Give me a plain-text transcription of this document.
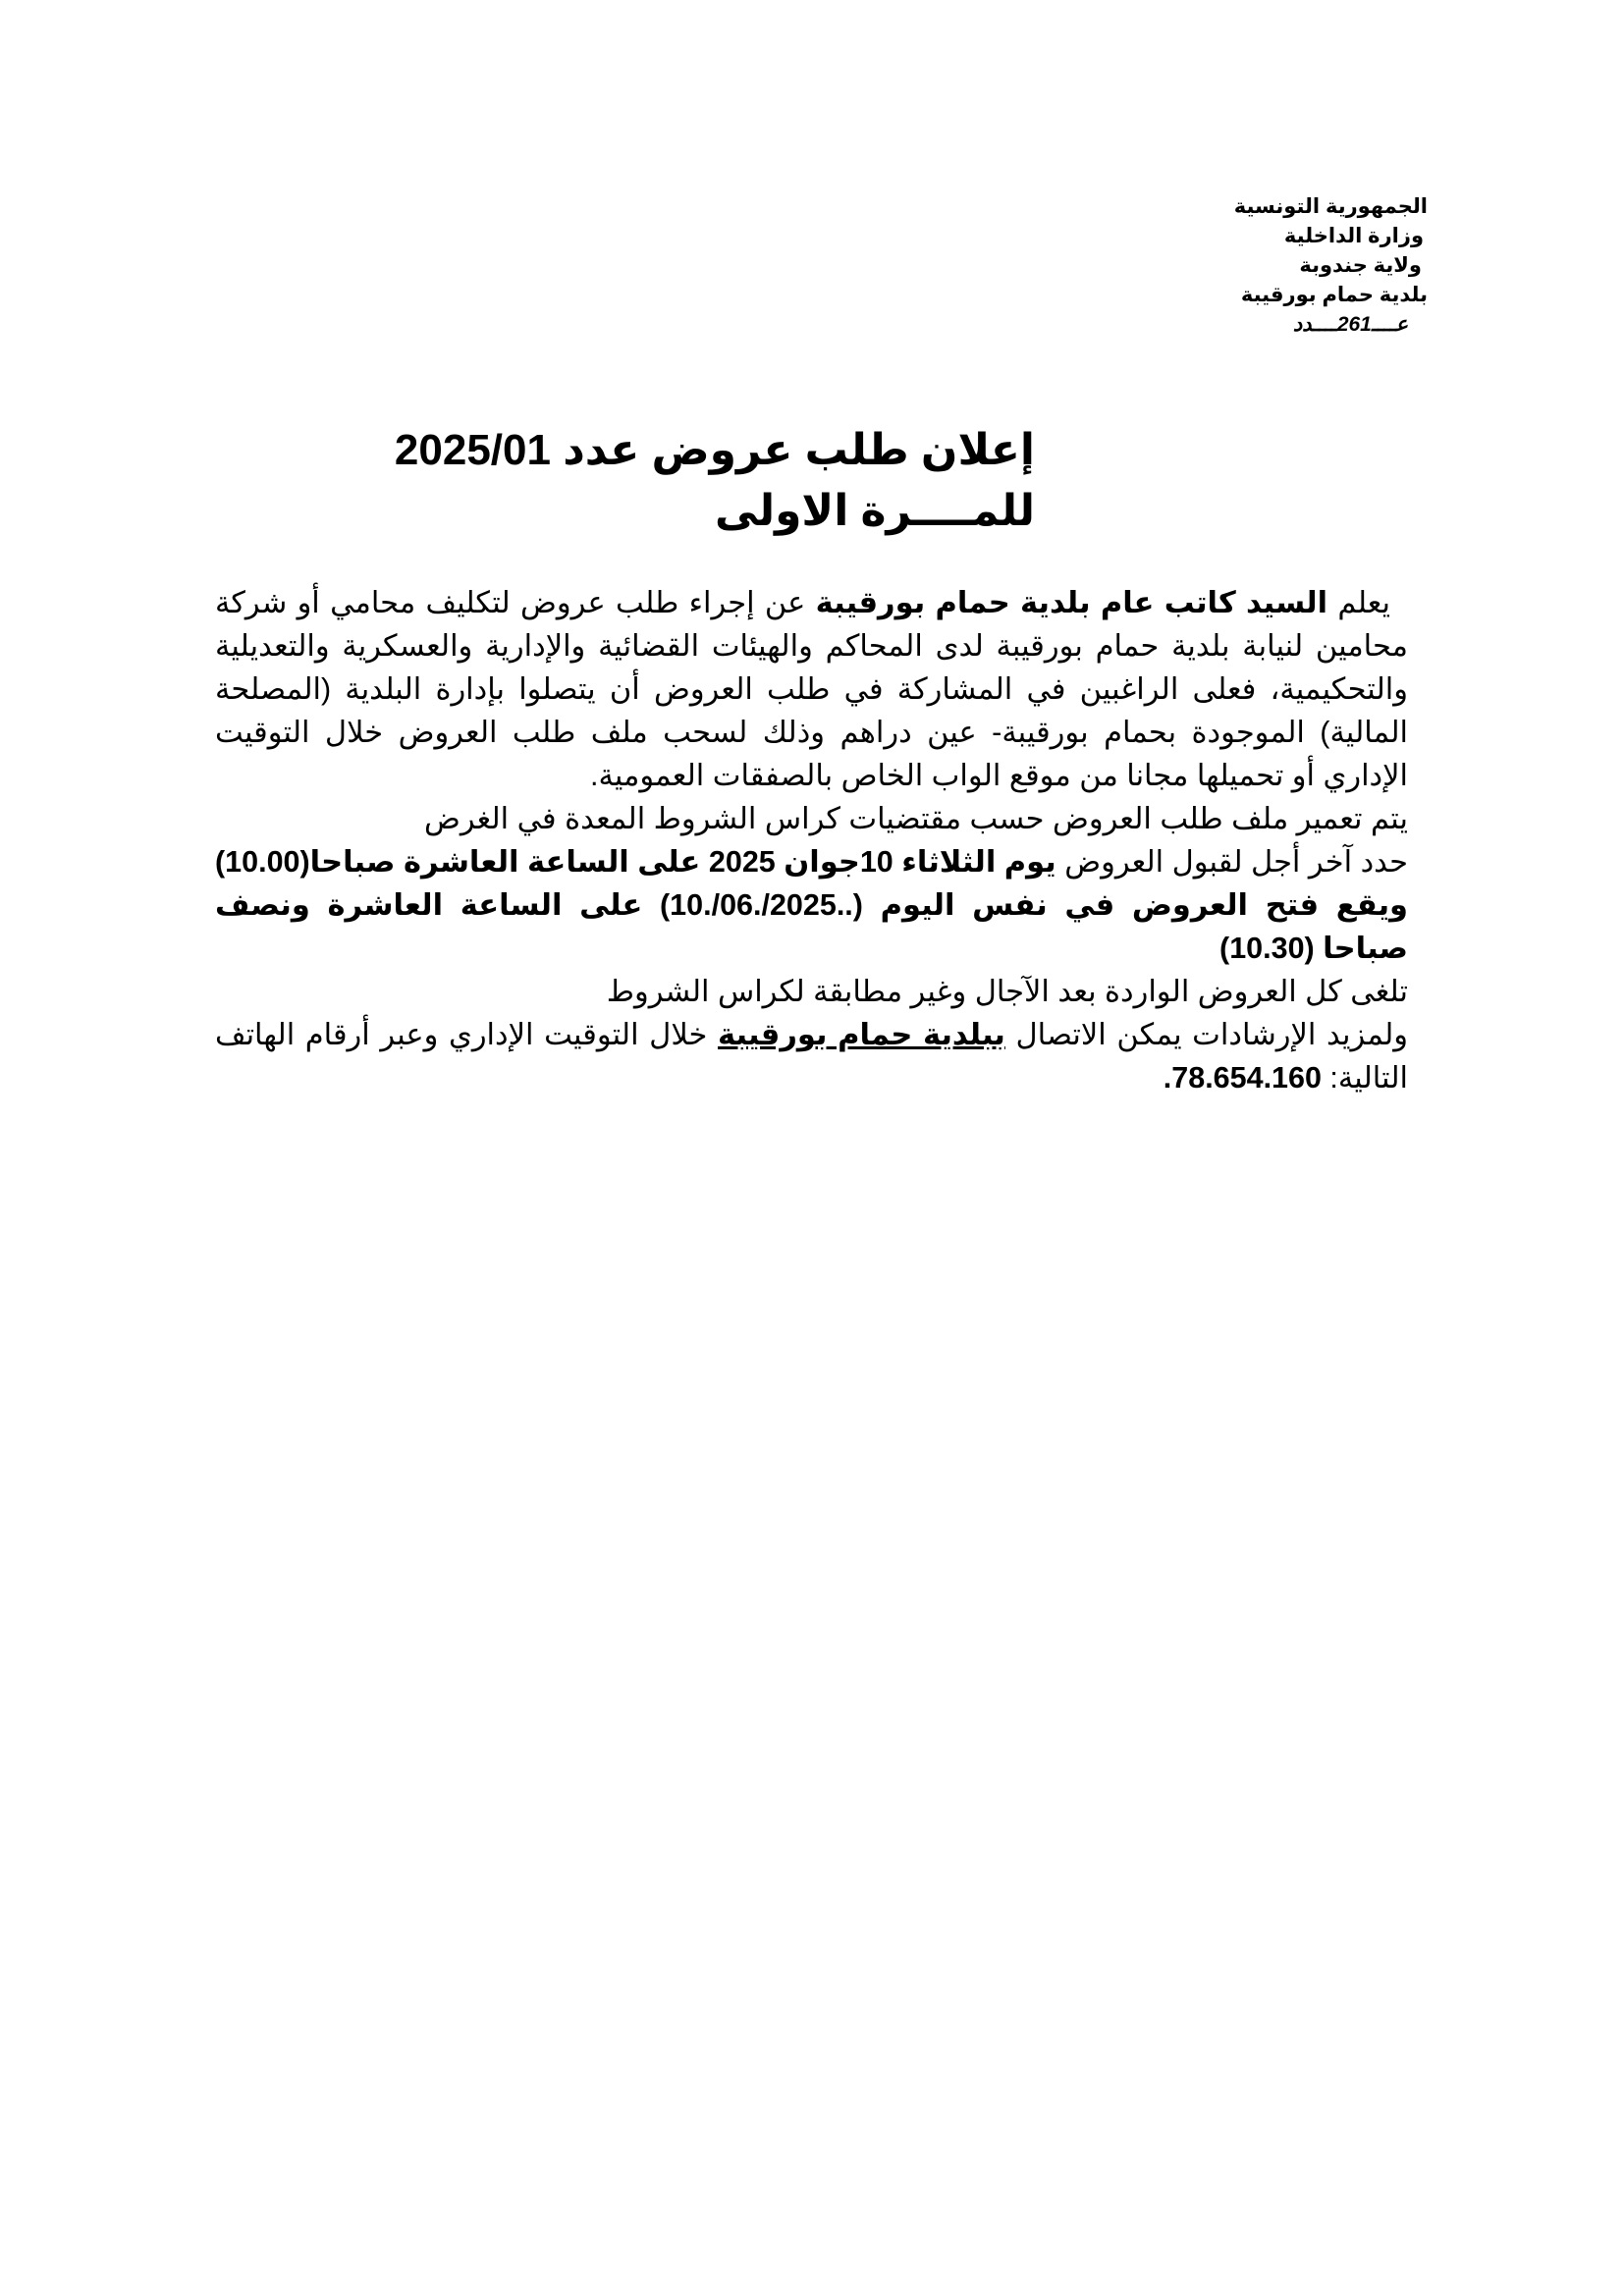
الجمهورية التونسية
وزارة الداخلية
ولاية جندوبة
بلدية حمام بورقيبة
عــــ261ــــدد
إعلان طلب عروض عدد 2025/01
للمــــرة الاولى
يعلم السيد كاتب عام بلدية حمام بورقيبة عن إجراء طلب عروض لتكليف محامي أو شركة محامين لنيابة بلدية حمام بورقيبة لدى المحاكم والهيئات القضائية والإدارية والعسكرية والتعديلية والتحكيمية، فعلى الراغبين في المشاركة في طلب العروض أن يتصلوا بإدارة البلدية (المصلحة المالية) الموجودة بحمام بورقيبة- عين دراهم وذلك لسحب ملف طلب العروض خلال التوقيت الإداري أو تحميلها مجانا من موقع الواب الخاص بالصفقات العمومية.
يتم تعمير ملف طلب العروض حسب مقتضيات كراس الشروط المعدة في الغرض
حدد آخر أجل لقبول العروض يوم الثلاثاء 10جوان 2025 على الساعة العاشرة صباحا(10.00) ويقع فتح العروض في نفس اليوم (..2025/.06/.10) على الساعة العاشرة ونصف صباحا (10.30)
تلغى كل العروض الواردة بعد الآجال وغير مطابقة لكراس الشروط
ولمزيد الإرشادات يمكن الاتصال ببلدية حمام بورقيبة خلال التوقيت الإداري وعبر أرقام الهاتف التالية: 78.654.160.
